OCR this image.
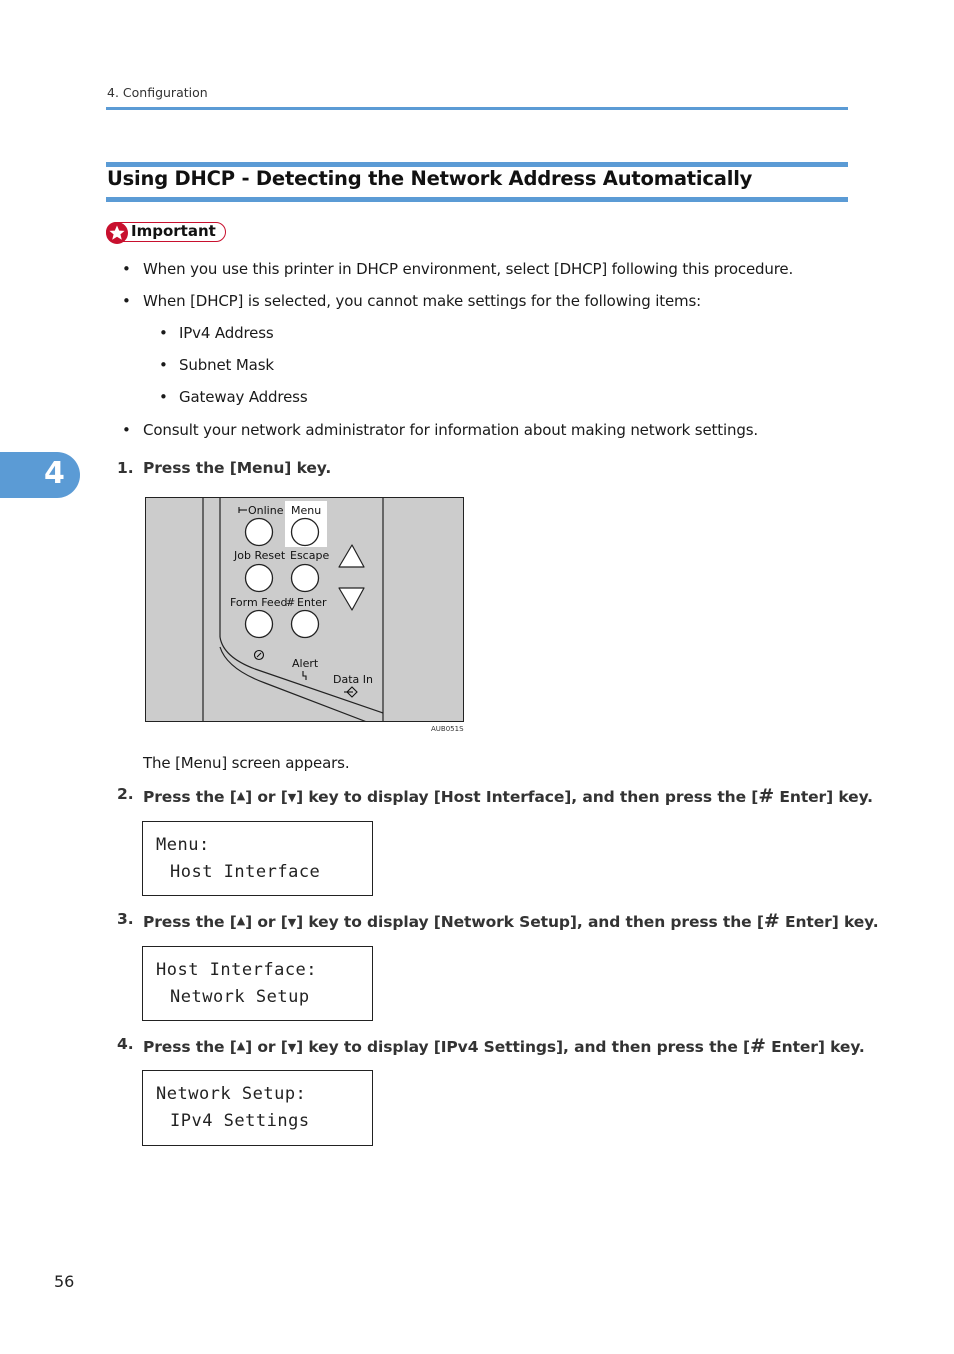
4. Configuration
Using DHCP - Detecting the Network Address Automatically
Important
• When you use this printer in DHCP environment, select [DHCP] following this procedure.
• When [DHCP] is selected, you cannot make settings for the following items:
• IPv4 Address
• Subnet Mask
• Gateway Address
• Consult your network administrator for information about making network settings.
4	1. Press the [Menu] key.
Online Menu
Job Reset Escape
Form Feed
# Enter
Alert
Data In
AUB051S
The [Menu] screen appears.
2. Press the [▲] or [▼] key to display [Host Interface], and then press the [# Enter] key.
Menu:
Host Interface
3. Press the [▲] or [▼] key to display [Network Setup], and then press the [# Enter] key.
Host Interface:
Network Setup
4. Press the [▲] or [▼] key to display [IPv4 Settings], and then press the [# Enter] key.
Network Setup:
IPv4 Settings
56
